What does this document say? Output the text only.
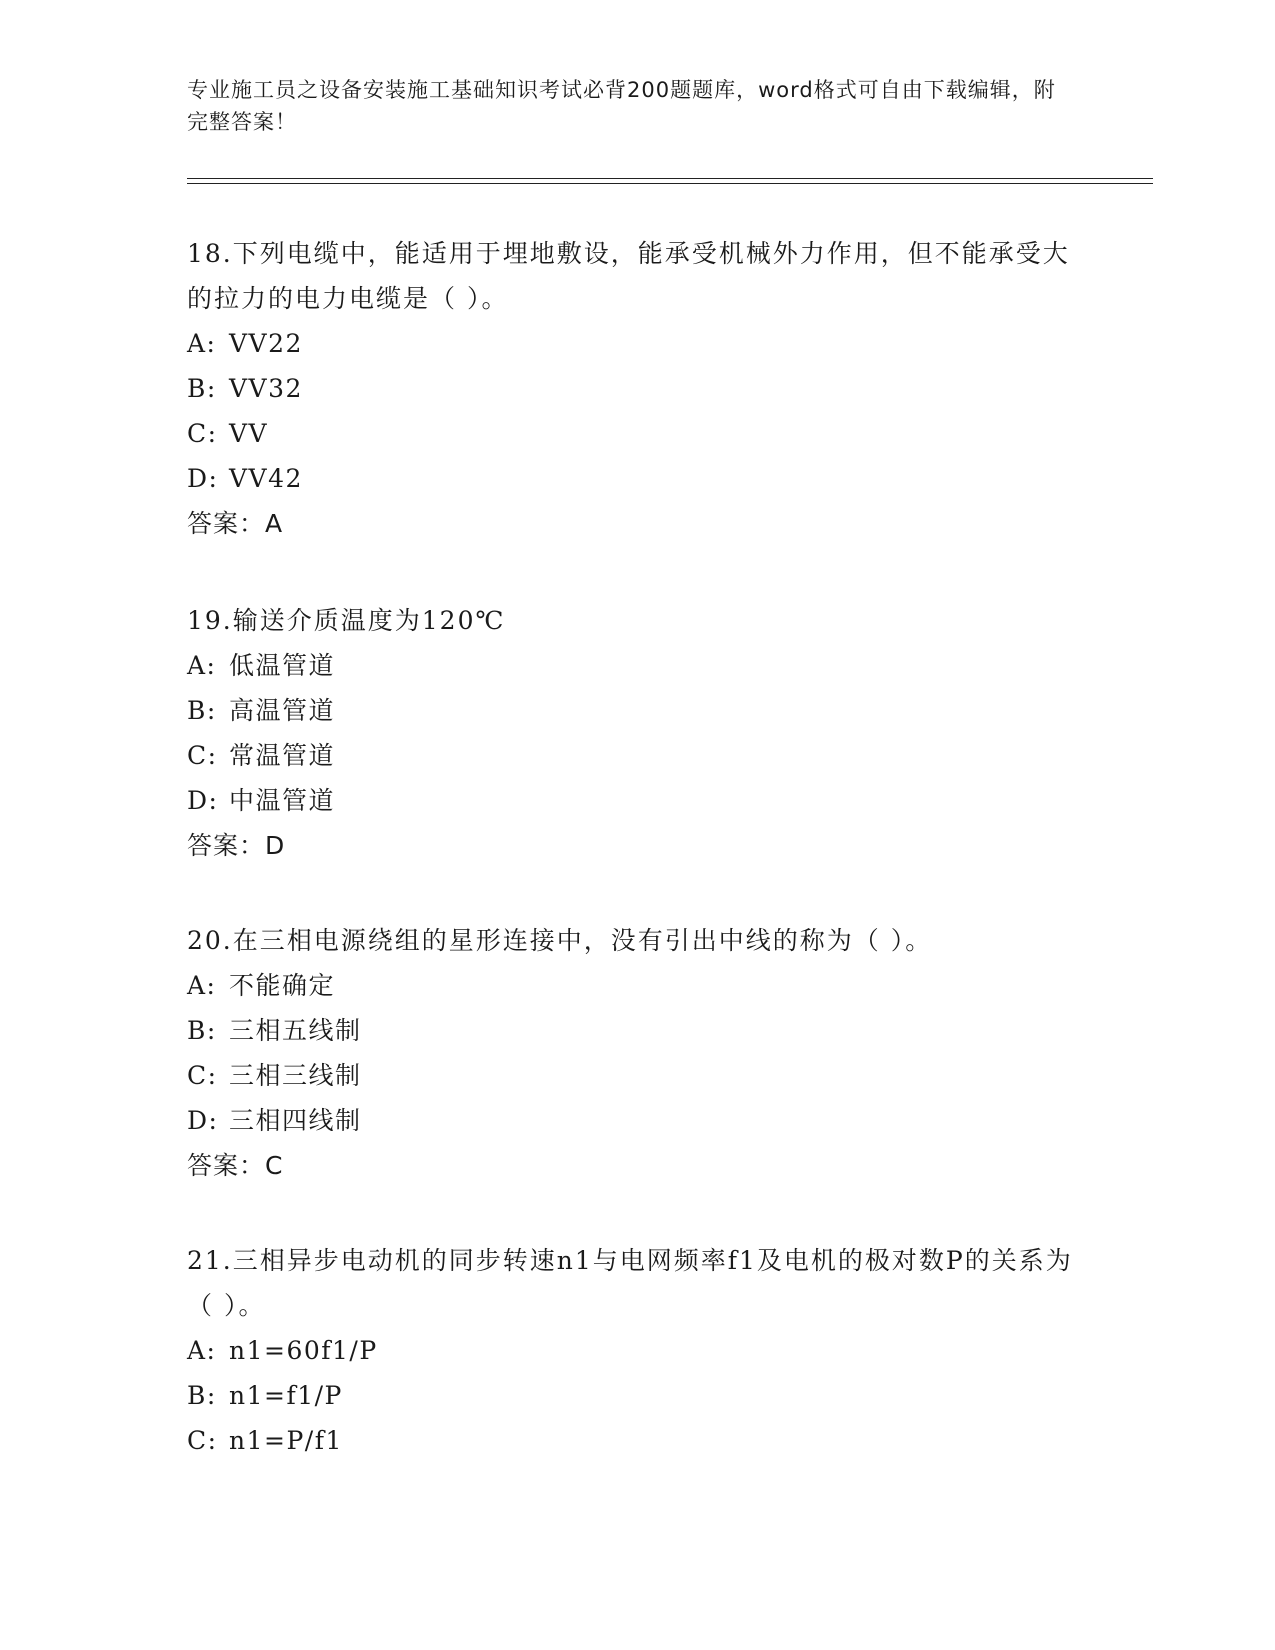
专业施工员之设备安装施工基础知识考试必背200题题库，word格式可自由下载编辑，附完整答案！

18.下列电缆中，能适用于埋地敷设，能承受机械外力作用，但不能承受大的拉力的电力电缆是（ ）。

A: VV22
B: VV32
C: VV
D: VV42
答案：A

19.输送介质温度为120℃

A: 低温管道
B: 高温管道
C: 常温管道
D: 中温管道
答案：D

20.在三相电源绕组的星形连接中，没有引出中线的称为（ ）。

A: 不能确定
B: 三相五线制
C: 三相三线制
D: 三相四线制
答案：C

21.三相异步电动机的同步转速n1与电网频率f1及电机的极对数P的关系为（ ）。

A: n1=60f1/P
B: n1=f1/P
C: n1=P/f1
